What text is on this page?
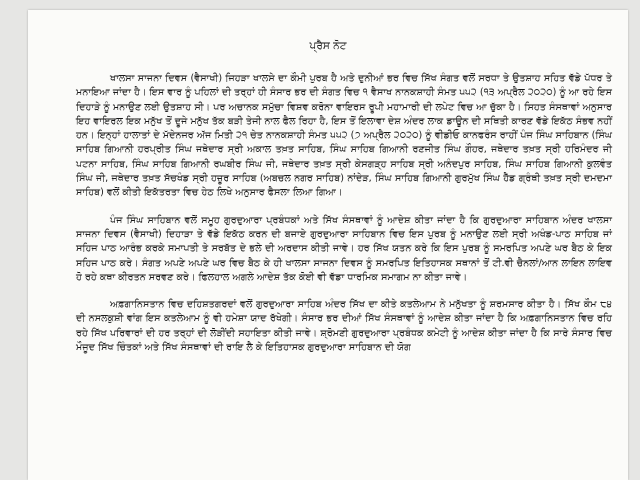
ਪ੍ਰੈਸ ਨੋਟ

ਖਾਲਸਾ ਸਾਜਨਾ ਦਿਵਸ (ਵੈਸਾਖੀ) ਜਿਹੜਾ ਖਾਲਸੇ ਦਾ ਕੌਮੀ ਪੁਰਬ ਹੈ ਅਤੇ ਦੁਨੀਆਂ ਭਰ ਵਿਚ ਸਿੱਖ ਸੰਗਤ ਵਲੋਂ ਸਰਧਾ ਤੇ ਉਤਸ਼ਾਹ ਸਹਿਤ ਵੱਡੇ ਪੱਧਰ ਤੇ ਮਨਾਇਆ ਜਾਂਦਾ ਹੈ। ਇਸ ਵਾਰ ਨੂੰ ਪਹਿਲਾਂ ਦੀ ਤਰ੍ਹਾਂ ਹੀ ਸੰਸਾਰ ਭਰ ਦੀ ਸੰਗਤ ਵਿਚ ੧ ਵੈਸਾਖ ਨਾਨਕਸ਼ਾਹੀ ਸੰਮਤ ੫੫੨ (੧੩ ਅਪ੍ਰੈਲ ੨੦੨੦) ਨੂੰ ਆ ਰਹੇ ਇਸ ਦਿਹਾੜੇ ਨੂੰ ਮਨਾਉਣ ਲਈ ਉਤਸ਼ਾਹ ਸੀ। ਪਰ ਅਚਾਨਕ ਸਮੁੱਚਾ ਵਿਸ਼ਵ ਕਰੋਨਾ ਵਾਇਰਸ ਰੂਪੀ ਮਹਾਮਾਰੀ ਦੀ ਲਪੇਟ ਵਿਚ ਆ ਚੁੱਕਾ ਹੈ। ਸਿਹਤ ਸੰਸਥਾਵਾਂ ਅਨੁਸਾਰ ਇਹ ਵਾਇਰਲ ਇਕ ਮਨੁੱਖ ਤੋਂ ਦੂਜੇ ਮਨੁੱਖ ਤੱਕ ਬੜੀ ਤੇਜੀ ਨਾਲ ਫੈਲ ਰਿਹਾ ਹੈ, ਇਸ ਤੋਂ ਇਲਾਵਾ ਦੇਸ਼ ਅੰਦਰ ਲਾਕ ਡਾਊਨ ਦੀ ਸਥਿਤੀ ਕਾਰਣ ਵੱਡੇ ਇਕੱਠ ਸੰਭਵ ਨਹੀਂ ਹਨ। ਇਨ੍ਹਾਂ ਹਾਲਾਤਾਂ ਦੇ ਮੱਦੇਨਜਰ ਅੱਜ ਮਿਤੀ ੨੧ ਚੇਤ ਨਾਨਕਸ਼ਾਹੀ ਸੰਮਤ ੫੫੨ (੭ ਅਪ੍ਰੈਲ ੨੦੨੦) ਨੂੰ ਵੀਡੀਓ ਕਾਨਫਰੰਸ ਰਾਹੀਂ ਪੰਜ ਸਿੰਘ ਸਾਹਿਬਾਨ (ਸਿੰਘ ਸਾਹਿਬ ਗਿਆਨੀ ਹਰਪ੍ਰੀਤ ਸਿੰਘ ਜਥੇਦਾਰ ਸ੍ਰੀ ਅਕਾਲ ਤਖ਼ਤ ਸਾਹਿਬ, ਸਿੰਘ ਸਾਹਿਬ ਗਿਆਨੀ ਰਣਜੀਤ ਸਿੰਘ ਗੌਹਰ, ਜਥੇਦਾਰ ਤਖ਼ਤ ਸ੍ਰੀ ਹਰਿਮੰਦਰ ਜੀ ਪਟਨਾ ਸਾਹਿਬ, ਸਿੰਘ ਸਾਹਿਬ ਗਿਆਨੀ ਰਘਬੀਰ ਸਿੰਘ ਜੀ, ਜਥੇਦਾਰ ਤਖ਼ਤ ਸ੍ਰੀ ਕੇਸਗੜ੍ਹ ਸਾਹਿਬ ਸ੍ਰੀ ਅਨੰਦਪੁਰ ਸਾਹਿਬ, ਸਿੰਘ ਸਾਹਿਬ ਗਿਆਨੀ ਕੁਲਵੰਤ ਸਿੰਘ ਜੀ, ਜਥੇਦਾਰ ਤਖ਼ਤ ਸੱਚਖੰਡ ਸ੍ਰੀ ਹਜ਼ੂਰ ਸਾਹਿਬ (ਅਬਚਲ ਨਗਰ ਸਾਹਿਬ) ਨਾਂਦੇੜ, ਸਿੰਘ ਸਾਹਿਬ ਗਿਆਨੀ ਗੁਰਮੁੱਖ ਸਿੰਘ ਹੈੱਡ ਗ੍ਰੰਥੀ ਤਖ਼ਤ ਸ੍ਰੀ ਦਮਦਮਾ ਸਾਹਿਬ) ਵਲੋਂ ਕੀਤੀ ਇਕੱਤਰਤਾ ਵਿਚ ਹੇਠ ਲਿਖੇ ਅਨੁਸਾਰ ਫੈਸਲਾ ਲਿਆ ਗਿਆ।

ਪੰਜ ਸਿੰਘ ਸਾਹਿਬਾਨ ਵਲੋਂ ਸਮੂਹ ਗੁਰਦੁਆਰਾ ਪ੍ਰਬੰਧਕਾਂ ਅਤੇ ਸਿੱਖ ਸੰਸਥਾਵਾਂ ਨੂੰ ਆਦੇਸ਼ ਕੀਤਾ ਜਾਂਦਾ ਹੈ ਕਿ ਗੁਰਦੁਆਰਾ ਸਾਹਿਬਾਨ ਅੰਦਰ ਖਾਲਸਾ ਸਾਜਨਾ ਦਿਵਸ (ਵੈਸਾਖੀ) ਦਿਹਾੜਾ ਤੇ ਵੱਡੇ ਇਕੱਠ ਕਰਨ ਦੀ ਬਜਾਏ ਗੁਰਦੁਆਰਾ ਸਾਹਿਬਾਨ ਵਿਚ ਇਸ ਪੁਰਬ ਨੂੰ ਮਨਾਉਣ ਲਈ ਸ੍ਰੀ ਅਖੰਡ-ਪਾਠ ਸਾਹਿਬ ਜਾਂ ਸਹਿਜ ਪਾਠ ਆਰੰਭ ਕਰਕੇ ਸਮਾਪਤੀ ਤੇ ਸਰਬੱਤ ਦੇ ਭਲੇ ਦੀ ਅਰਦਾਸ ਕੀਤੀ ਜਾਵੇ। ਹਰ ਸਿੱਖ ਯਤਨ ਕਰੇ ਕਿ ਇਸ ਪੁਰਬ ਨੂੰ ਸਮਰਪਿਤ ਅਪਣੇ ਘਰ ਬੈਠ ਕੇ ਇਕ ਸਹਿਜ ਪਾਠ ਕਰੇ। ਸੰਗਤ ਅਪਣੇ ਅਪਣੇ ਘਰ ਵਿਚ ਬੈਠ ਕੇ ਹੀ ਖਾਲਸਾ ਸਾਜਨਾ ਦਿਵਸ ਨੂੰ ਸਮਰਪਿਤ ਇਤਿਹਾਸਕ ਸਥਾਨਾਂ ਤੋਂ ਟੀ.ਵੀ ਚੈਨਲਾਂ/ਆਨ ਲਾਇਨ ਲਾਇਵ ਹੋ ਰਹੇ ਕਥਾ ਕੀਰਤਨ ਸਰਵਣ ਕਰੇ। ਫਿਲਹਾਲ ਅਗਲੇ ਆਦੇਸ਼ ਤੱਕ ਕੋਈ ਵੀ ਵੱਡਾ ਧਾਰਮਿਕ ਸਮਾਗਮ ਨਾ ਕੀਤਾ ਜਾਵੇ।

ਅਫ਼ਗਾਨਿਸਤਾਨ ਵਿਚ ਦਹਿਸ਼ਤਗਰਦਾਂ ਵਲੋਂ ਗੁਰਦੁਆਰਾ ਸਾਹਿਬ ਅੰਦਰ ਸਿੱਖ ਦਾ ਕੀਤੇ ਕਤਲੇਆਮ ਨੇ ਮਨੁੱਖਤਾ ਨੂੰ ਸ਼ਰਮਸਾਰ ਕੀਤਾ ਹੈ। ਸਿੱਖ ਕੌਮ ੮੪ ਦੀ ਨਸਲਕੁਸ਼ੀ ਵਾਂਗ ਇਸ ਕਤਲੇਆਮ ਨੂੰ ਵੀ ਹਮੇਸ਼ਾ ਯਾਦ ਰੱਖੇਗੀ। ਸੰਸਾਰ ਭਰ ਦੀਆਂ ਸਿੱਖ ਸੰਸਥਾਵਾਂ ਨੂੰ ਆਦੇਸ਼ ਕੀਤਾ ਜਾਂਦਾ ਹੈ ਕਿ ਅਫ਼ਗਾਨਿਸਤਾਨ ਵਿਚ ਰਹਿ ਰਹੇ ਸਿੱਖ ਪਰਿਵਾਰਾਂ ਦੀ ਹਰ ਤਰ੍ਹਾਂ ਦੀ ਲੋੜੀਂਦੀ ਸਹਾਇਤਾ ਕੀਤੀ ਜਾਵੇ। ਸ਼੍ਰੋਮਣੀ ਗੁਰਦੁਆਰਾ ਪ੍ਰਬੰਧਕ ਕਮੇਟੀ ਨੂੰ ਆਦੇਸ਼ ਕੀਤਾ ਜਾਂਦਾ ਹੈ ਕਿ ਸਾਰੇ ਸੰਸਾਰ ਵਿਚ ਮੌਜੂਦ ਸਿੱਖ ਚਿੰਤਕਾਂ ਅਤੇ ਸਿੱਖ ਸੰਸਥਾਵਾਂ ਦੀ ਰਾਇ ਲੈ ਕੇ ਇਤਿਹਾਸਕ ਗੁਰਦੁਆਰਾ ਸਾਹਿਬਾਨ ਦੀ ਯੋਗ
